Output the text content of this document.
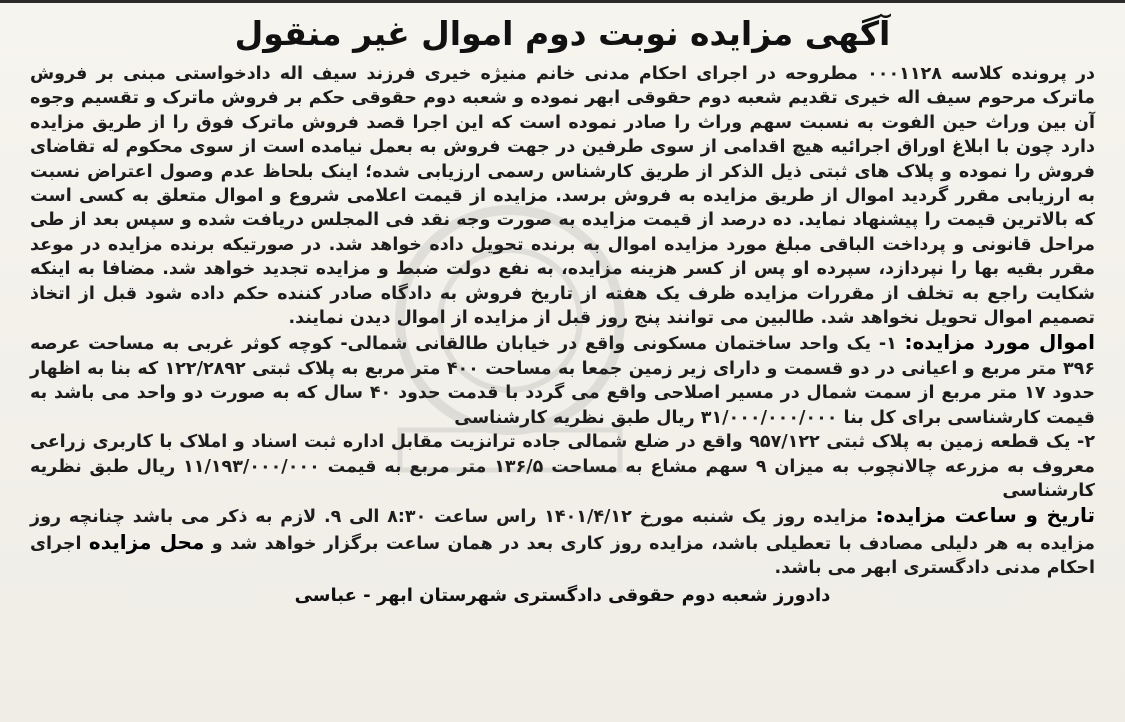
آگهی مزایده نوبت دوم اموال غیر منقول

در پرونده کلاسه ۰۰۰۱۱۲۸ مطروحه در اجرای احکام مدنی خانم منیژه خیری فرزند سیف اله دادخواستی مبنی بر فروش ماترک مرحوم سیف اله خیری تقدیم شعبه دوم حقوقی ابهر نموده و شعبه دوم حقوقی حکم بر فروش ماترک و تقسیم وجوه آن بین وراث حین الفوت به نسبت سهم وراث را صادر نموده است که این اجرا قصد فروش ماترک فوق را از طریق مزایده دارد چون با ابلاغ اوراق اجرائیه هیچ اقدامی از سوی طرفین در جهت فروش به بعمل نیامده است از سوی محکوم له تقاضای فروش را نموده و پلاک های ثبتی ذیل الذکر از طریق کارشناس رسمی ارزیابی شده؛ اینک بلحاظ عدم وصول اعتراض نسبت به ارزیابی مقرر گردید اموال از طریق مزایده به فروش برسد. مزایده از قیمت اعلامی شروع و اموال متعلق به کسی است که بالاترین قیمت را پیشنهاد نماید. ده درصد از قیمت مزایده به صورت وجه نقد فی المجلس دریافت شده و سپس بعد از طی مراحل قانونی و پرداخت الباقی مبلغ مورد مزایده اموال به برنده تحویل داده خواهد شد. در صورتیکه برنده مزایده در موعد مقرر بقیه بها را نپردازد، سپرده او پس از کسر هزینه مزایده، به نفع دولت ضبط و مزایده تجدید خواهد شد. مضافا به اینکه شکایت راجع به تخلف از مقررات مزایده ظرف یک هفته از تاریخ فروش به دادگاه صادر کننده حکم داده شود قبل از اتخاذ تصمیم اموال تحویل نخواهد شد. طالبین می توانند پنج روز قبل از مزایده از اموال دیدن نمایند.

اموال مورد مزایده: ۱- یک واحد ساختمان مسکونی واقع در خیابان طالقانی شمالی- کوچه کوثر غربی به مساحت عرصه ۳۹۶ متر مربع و اعیانی در دو قسمت و دارای زیر زمین جمعا به مساحت ۴۰۰ متر مربع به پلاک ثبتی ۱۲۲/۲۸۹۲ که بنا به اظهار حدود ۱۷ متر مربع از سمت شمال در مسیر اصلاحی واقع می گردد با قدمت حدود ۴۰ سال که به صورت دو واحد می باشد به قیمت کارشناسی برای کل بنا ۳۱/۰۰۰/۰۰۰/۰۰۰ ریال طبق نظریه کارشناسی

۲- یک قطعه زمین به پلاک ثبتی ۹۵۷/۱۲۲ واقع در ضلع شمالی جاده ترانزیت مقابل اداره ثبت اسناد و املاک با کاربری زراعی معروف به مزرعه چالانچوب به میزان ۹ سهم مشاع به مساحت ۱۳۶/۵ متر مربع به قیمت ۱۱/۱۹۳/۰۰۰/۰۰۰ ریال طبق نظریه کارشناسی

تاریخ و ساعت مزایده: مزایده روز یک شنبه مورخ ۱۴۰۱/۴/۱۲ راس ساعت ۸:۳۰ الی ۹. لازم به ذکر می باشد چنانچه روز مزایده به هر دلیلی مصادف با تعطیلی باشد، مزایده روز کاری بعد در همان ساعت برگزار خواهد شد و محل مزایده اجرای احکام مدنی دادگستری ابهر می باشد.

دادورز شعبه دوم حقوقی دادگستری شهرستان ابهر - عباسی
